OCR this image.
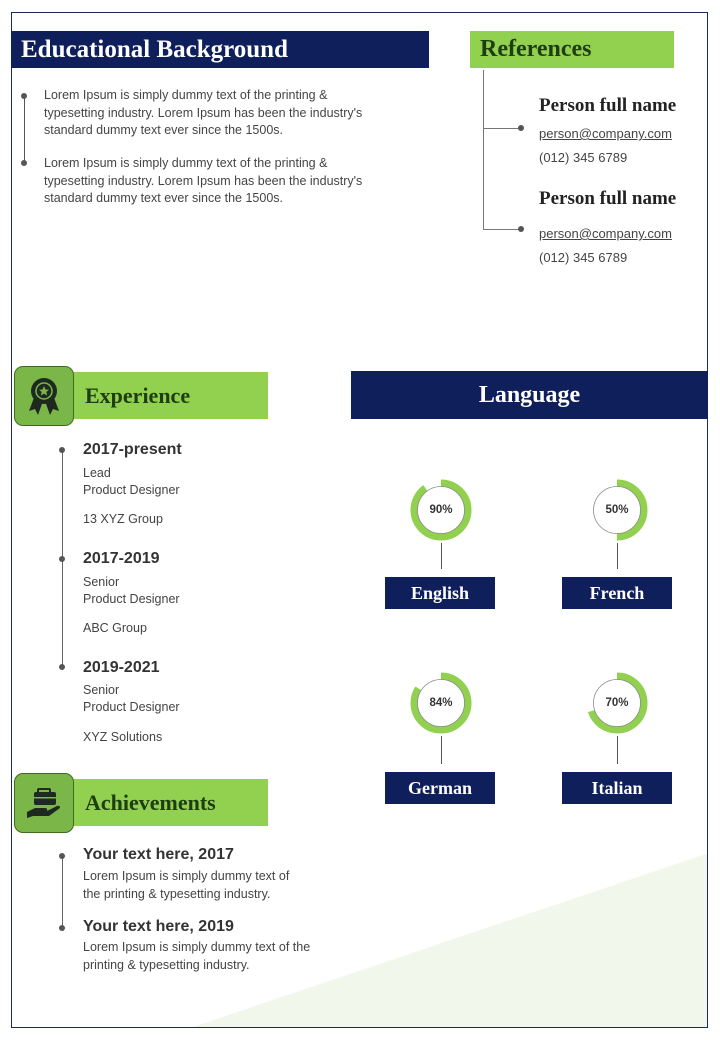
Educational Background
Lorem Ipsum is simply dummy text of the printing &
typesetting industry. Lorem Ipsum has been the industry's
standard dummy text ever since the 1500s.
Lorem Ipsum is simply dummy text of the printing &
typesetting industry. Lorem Ipsum has been the industry's
standard dummy text ever since the 1500s.
References
Person full name
person@company.com
(012) 345 6789
Person full name
person@company.com
(012) 345 6789
Experience
2017-present
Lead
Product Designer
13 XYZ Group
2017-2019
Senior
Product Designer
ABC Group
2019-2021
Senior
Product Designer
XYZ Solutions
Language
90%
English
50%
French
84%
German
70%
Italian
Achievements
Your text here, 2017
Lorem Ipsum is simply dummy text of
the printing & typesetting industry.
Your text here, 2019
Lorem Ipsum is simply dummy text of the
printing & typesetting industry.
